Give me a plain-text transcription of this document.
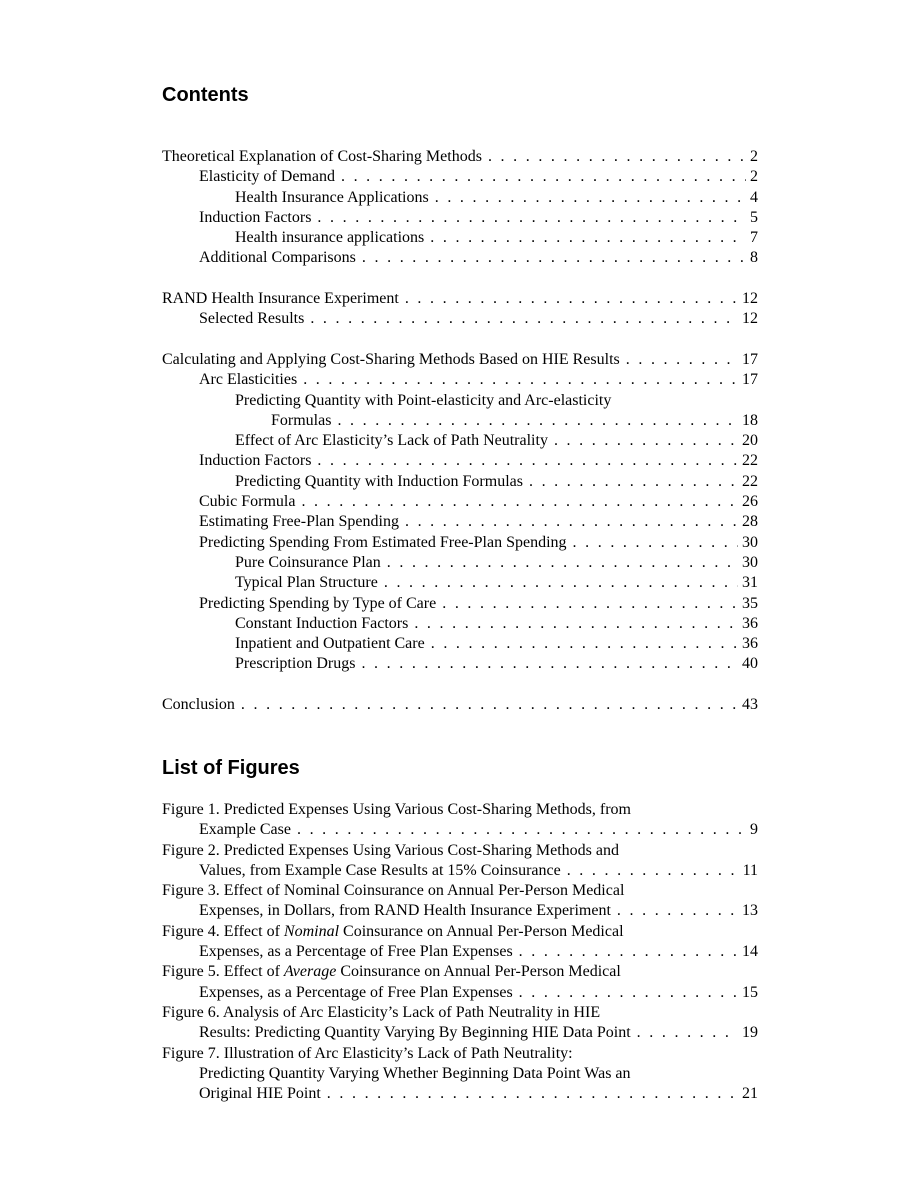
Contents
Theoretical Explanation of Cost-Sharing Methods . . .	2
Elasticity of Demand . . .	2
Health Insurance Applications . . .	4
Induction Factors . . .	5
Health insurance applications . . .	7
Additional Comparisons . . .	8
RAND Health Insurance Experiment . . .	12
Selected Results . . .	12
Calculating and Applying Cost-Sharing Methods Based on HIE Results . . .	17
Arc Elasticities . . .	17
Predicting Quantity with Point-elasticity and Arc-elasticity
Formulas . . .	18
Effect of Arc Elasticity’s Lack of Path Neutrality . . .	20
Induction Factors . . .	22
Predicting Quantity with Induction Formulas . . .	22
Cubic Formula . . .	26
Estimating Free-Plan Spending . . .	28
Predicting Spending From Estimated Free-Plan Spending . . .	30
Pure Coinsurance Plan . . .	30
Typical Plan Structure . . .	31
Predicting Spending by Type of Care . . .	35
Constant Induction Factors . . .	36
Inpatient and Outpatient Care . . .	36
Prescription Drugs . . .	40
Conclusion . . .	43
List of Figures
Figure 1. Predicted Expenses Using Various Cost-Sharing Methods, from
Example Case . . .	9
Figure 2. Predicted Expenses Using Various Cost-Sharing Methods and
Values, from Example Case Results at 15% Coinsurance . . .	11
Figure 3. Effect of Nominal Coinsurance on Annual Per-Person Medical
Expenses, in Dollars, from RAND Health Insurance Experiment . . .	13
Figure 4. Effect of Nominal Coinsurance on Annual Per-Person Medical
Expenses, as a Percentage of Free Plan Expenses . . .	14
Figure 5. Effect of Average Coinsurance on Annual Per-Person Medical
Expenses, as a Percentage of Free Plan Expenses . . .	15
Figure 6. Analysis of Arc Elasticity’s Lack of Path Neutrality in HIE
Results: Predicting Quantity Varying By Beginning HIE Data Point . . .	19
Figure 7. Illustration of Arc Elasticity’s Lack of Path Neutrality:
Predicting Quantity Varying Whether Beginning Data Point Was an
Original HIE Point . . .	21
